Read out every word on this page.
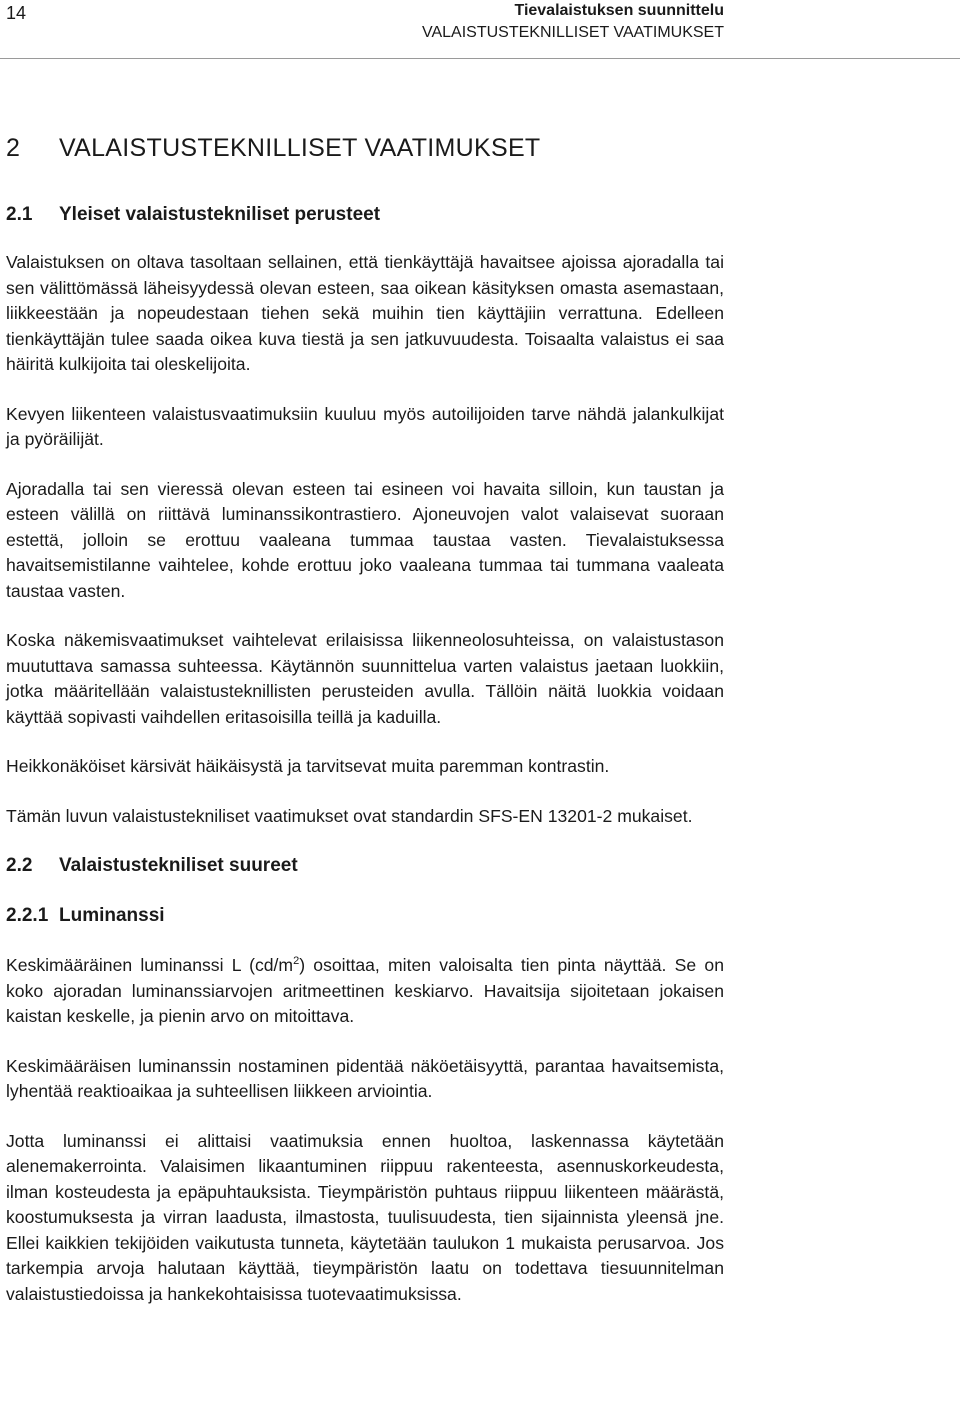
14	Tievalaistuksen suunnittelu
VALAISTUSTEKNILLISET VAATIMUKSET
2 VALAISTUSTEKNILLISET VAATIMUKSET
2.1 Yleiset valaistustekniliset perusteet

Valaistuksen on oltava tasoltaan sellainen, että tienkäyttäjä havaitsee ajoissa ajoradalla tai sen välittömässä läheisyydessä olevan esteen, saa oikean käsityksen omasta asemastaan, liikkeestään ja nopeudestaan tiehen sekä muihin tien käyttäjiin verrattuna. Edelleen tienkäyttäjän tulee saada oikea kuva tiestä ja sen jatkuvuudesta. Toisaalta valaistus ei saa häiritä kulkijoita tai oleskelijoita.

Kevyen liikenteen valaistusvaatimuksiin kuuluu myös autoilijoiden tarve nähdä jalankulkijat ja pyöräilijät.

Ajoradalla tai sen vieressä olevan esteen tai esineen voi havaita silloin, kun taustan ja esteen välillä on riittävä luminanssikontrastiero. Ajoneuvojen valot valaisevat suoraan estettä, jolloin se erottuu vaaleana tummaa taustaa vasten. Tievalaistuksessa havaitsemistilanne vaihtelee, kohde erottuu joko vaaleana tummaa tai tummana vaaleata taustaa vasten.

Koska näkemisvaatimukset vaihtelevat erilaisissa liikenneolosuhteissa, on valaistustason muututtava samassa suhteessa. Käytännön suunnittelua varten valaistus jaetaan luokkiin, jotka määritellään valaistusteknillisten perusteiden avulla. Tällöin näitä luokkia voidaan käyttää sopivasti vaihdellen eritasoisilla teillä ja kaduilla.

Heikkonäköiset kärsivät häikäisystä ja tarvitsevat muita paremman kontrastin.

Tämän luvun valaistustekniliset vaatimukset ovat standardin SFS-EN 13201-2 mukaiset.

2.2 Valaistustekniliset suureet
2.2.1 Luminanssi

Keskimääräinen luminanssi L $(cd/m^2)$ osoittaa, miten valoisalta tien pinta näyttää. Se on koko ajoradan luminanssiarvojen aritmeettinen keskiarvo. Havaitsija sijoitetaan jokaisen kaistan keskelle, ja pienin arvo on mitoittava.

Keskimääräisen luminanssin nostaminen pidentää näköetäisyyttä, parantaa havaitsemista, lyhentää reaktioaikaa ja suhteellisen liikkeen arviointia.

Jotta luminanssi ei alittaisi vaatimuksia ennen huoltoa, laskennassa käytetään alenemakerrointa. Valaisimen likaantuminen riippuu rakenteesta, asennuskorkeudesta, ilman kosteudesta ja epäpuhtauksista. Tieympäristön puhtaus riippuu liikenteen määrästä, koostumuksesta ja virran laadusta, ilmastosta, tuulisuudesta, tien sijainnista yleensä jne. Ellei kaikkien tekijöiden vaikutusta tunneta, käytetään taulukon 1 mukaista perusarvoa. Jos tarkempia arvoja halutaan käyttää, tieympäristön laatu on todettava tiesuunnitelman valaistustiedoissa ja hankekohtaisissa tuotevaatimuksissa.
